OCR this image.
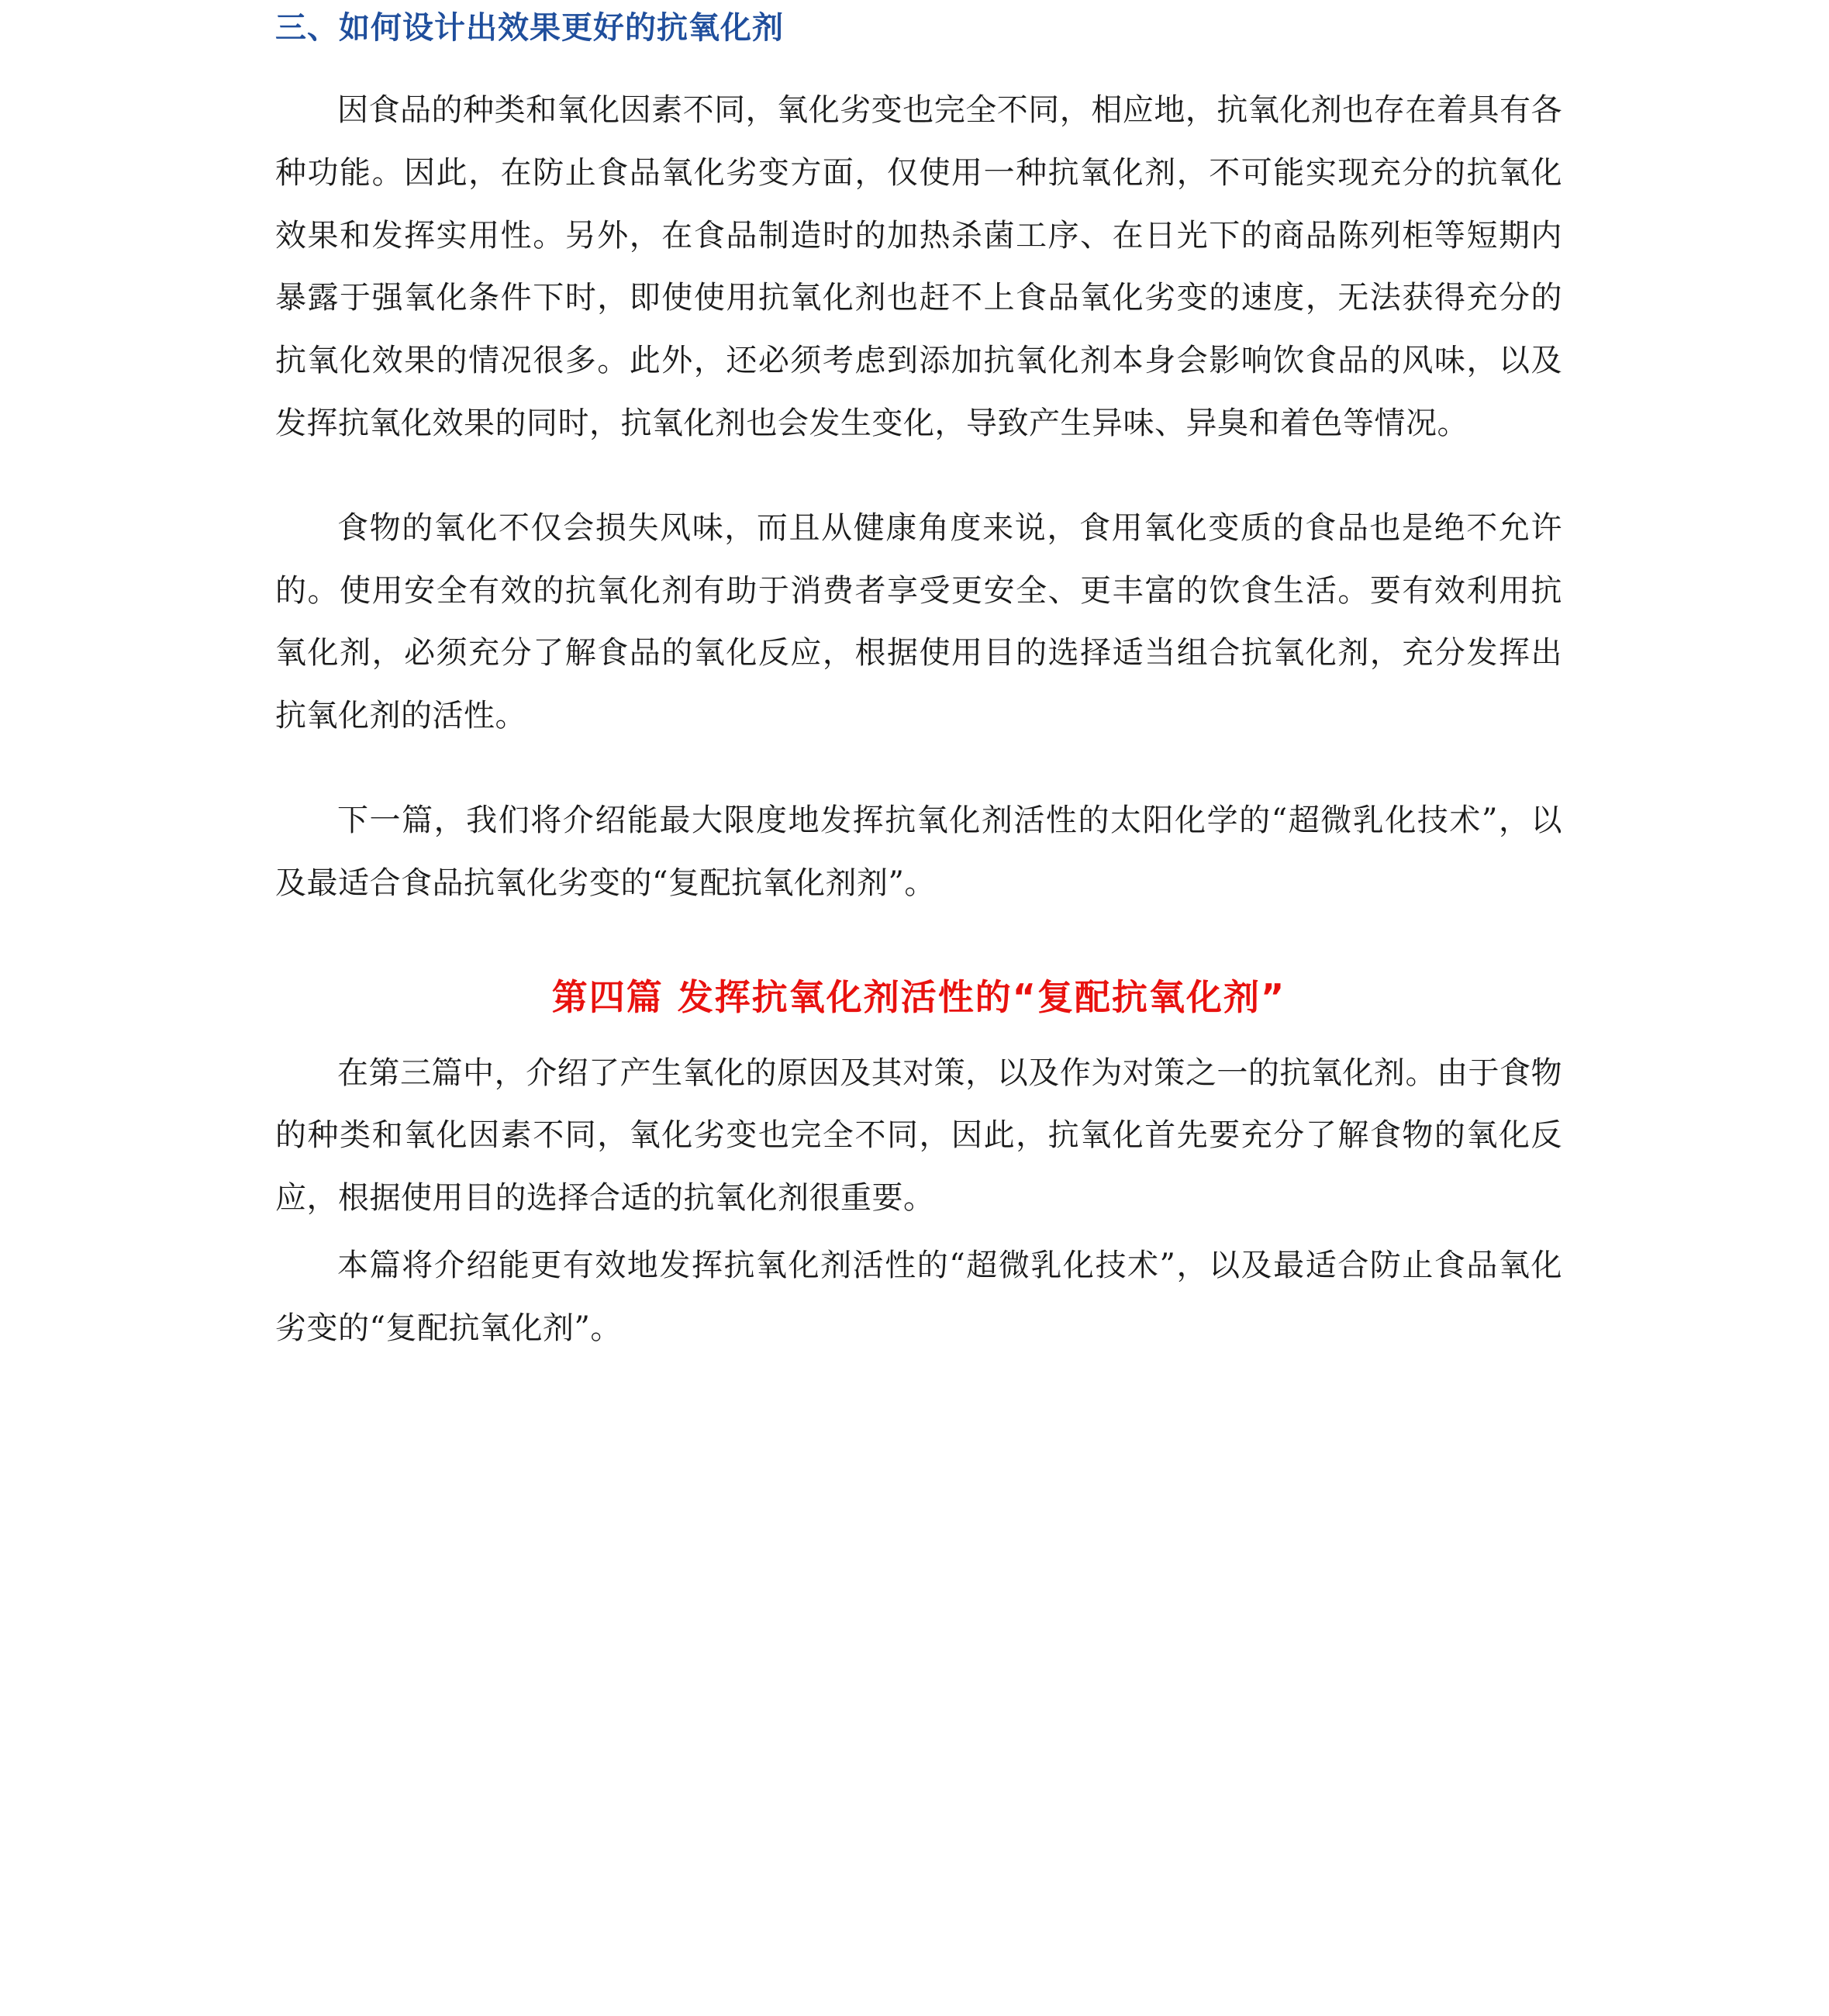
三、如何设计出效果更好的抗氧化剂

因食品的种类和氧化因素不同，氧化劣变也完全不同，相应地，抗氧化剂也存在着具有各种功能。因此，在防止食品氧化劣变方面，仅使用一种抗氧化剂，不可能实现充分的抗氧化效果和发挥实用性。另外，在食品制造时的加热杀菌工序、在日光下的商品陈列柜等短期内暴露于强氧化条件下时，即使使用抗氧化剂也赶不上食品氧化劣变的速度，无法获得充分的抗氧化效果的情况很多。此外，还必须考虑到添加抗氧化剂本身会影响饮食品的风味，以及发挥抗氧化效果的同时，抗氧化剂也会发生变化，导致产生异味、异臭和着色等情况。

食物的氧化不仅会损失风味，而且从健康角度来说，食用氧化变质的食品也是绝不允许的。使用安全有效的抗氧化剂有助于消费者享受更安全、更丰富的饮食生活。要有效利用抗氧化剂，必须充分了解食品的氧化反应，根据使用目的选择适当组合抗氧化剂，充分发挥出抗氧化剂的活性。

下一篇，我们将介绍能最大限度地发挥抗氧化剂活性的太阳化学的“超微乳化技术”，以及最适合食品抗氧化劣变的“复配抗氧化剂剂”。

第四篇 发挥抗氧化剂活性的“复配抗氧化剂”

在第三篇中，介绍了产生氧化的原因及其对策，以及作为对策之一的抗氧化剂。由于食物的种类和氧化因素不同，氧化劣变也完全不同，因此，抗氧化首先要充分了解食物的氧化反应，根据使用目的选择合适的抗氧化剂很重要。

本篇将介绍能更有效地发挥抗氧化剂活性的“超微乳化技术”，以及最适合防止食品氧化劣变的“复配抗氧化剂”。
